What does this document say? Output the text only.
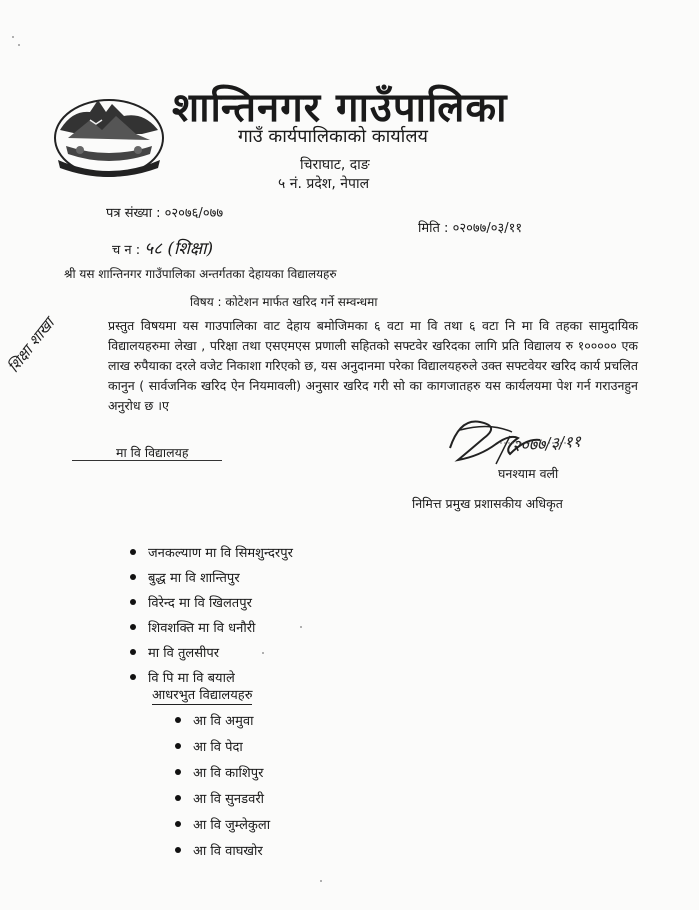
शान्तिनगर गाउँपालिका
गाउँ कार्यपालिकाको कार्यालय
चिराघाट, दाङ
५ नं. प्रदेश, नेपाल
पत्र संख्या : ०२०७६/०७७
मिति : ०२०७७/०३/११
च न : ५८ (शिक्षा)
श्री यस शान्तिनगर गाउँपालिका अन्तर्गतका देहायका विद्यालयहरु
विषय : कोटेशन मार्फत खरिद गर्ने सम्वन्धमा
शिक्षा शाखा	प्रस्तुत विषयमा यस गाउपालिका वाट देहाय बमोजिमका ६ वटा मा वि तथा ६ वटा नि मा वि तहका सामुदायिक विद्यालयहरुमा लेखा , परिक्षा तथा एसएमएस प्रणाली सहितको सफ्टवेर खरिदका लागि प्रति विद्यालय रु १००००० एक लाख रुपैयाका दरले वजेट निकाशा गरिएको छ, यस अनुदानमा परेका विद्यालयहरुले उक्त सफ्टवेयर खरिद कार्य प्रचलित कानुन ( सार्वजनिक खरिद ऐन नियमावली) अनुसार खरिद गरी सो का कागजातहरु यस कार्यलयमा पेश गर्न गराउनहुन अनुरोध छ ।ए
मा वि विद्यालयह	२०७७/३/११
घनश्याम वली
निमित्त प्रमुख प्रशासकीय अधिकृत
जनकल्याण मा वि सिमशुन्दरपुर
बुद्ध मा वि शान्तिपुर
विरेन्द मा वि खिलतपुर
शिवशक्ति मा वि धनौरी
मा वि तुलसीपर
वि पि मा वि बयाले
आधरभुत विद्यालयहरु
आ वि अमुवा
आ वि पेदा
आ वि काशिपुर
आ वि सुनडवरी
आ वि जुम्लेकुला
आ वि वाघखोर
